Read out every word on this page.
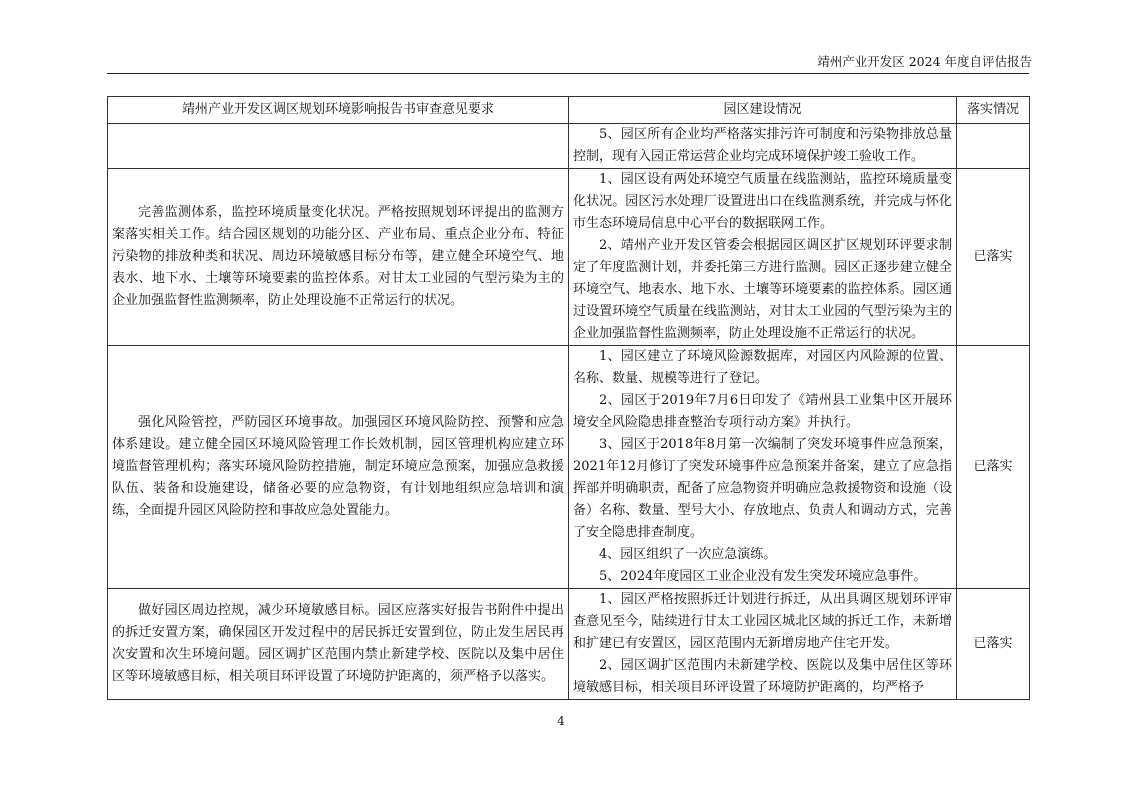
靖州产业开发区 2024 年度自评估报告
靖州产业开发区调区规划环境影响报告书审查意见要求	园区建设情况	落实情况

	5、园区所有企业均严格落实排污许可制度和污染物排放总量控制，现有入园正常运营企业均完成环境保护竣工验收工作。	

完善监测体系，监控环境质量变化状况。严格按照规划环评提出的监测方案落实相关工作。结合园区规划的功能分区、产业布局、重点企业分布、特征污染物的排放种类和状况、周边环境敏感目标分布等，建立健全环境空气、地表水、地下水、土壤等环境要素的监控体系。对甘太工业园的气型污染为主的企业加强监督性监测频率，防止处理设施不正常运行的状况。	1、园区设有两处环境空气质量在线监测站，监控环境质量变化状况。园区污水处理厂设置进出口在线监测系统，并完成与怀化市生态环境局信息中心平台的数据联网工作。

2、靖州产业开发区管委会根据园区调区扩区规划环评要求制定了年度监测计划，并委托第三方进行监测。园区正逐步建立健全环境空气、地表水、地下水、土壤等环境要素的监控体系。园区通过设置环境空气质量在线监测站，对甘太工业园的气型污染为主的企业加强监督性监测频率，防止处理设施不正常运行的状况。	已落实

强化风险管控，严防园区环境事故。加强园区环境风险防控、预警和应急体系建设。建立健全园区环境风险管理工作长效机制，园区管理机构应建立环境监督管理机构；落实环境风险防控措施，制定环境应急预案，加强应急救援队伍、装备和设施建设，储备必要的应急物资，有计划地组织应急培训和演练，全面提升园区风险防控和事故应急处置能力。	1、园区建立了环境风险源数据库，对园区内风险源的位置、名称、数量、规模等进行了登记。

2、园区于2019年7月6日印发了《靖州县工业集中区开展环境安全风险隐患排查整治专项行动方案》并执行。

3、园区于2018年8月第一次编制了突发环境事件应急预案，2021年12月修订了突发环境事件应急预案并备案，建立了应急指挥部并明确职责，配备了应急物资并明确应急救援物资和设施（设备）名称、数量、型号大小、存放地点、负责人和调动方式，完善了安全隐患排查制度。

4、园区组织了一次应急演练。

5、2024年度园区工业企业没有发生突发环境应急事件。	已落实

做好园区周边控规，减少环境敏感目标。园区应落实好报告书附件中提出的拆迁安置方案，确保园区开发过程中的居民拆迁安置到位，防止发生居民再次安置和次生环境问题。园区调扩区范围内禁止新建学校、医院以及集中居住区等环境敏感目标，相关项目环评设置了环境防护距离的，须严格予以落实。	1、园区严格按照拆迁计划进行拆迁，从出具调区规划环评审查意见至今，陆续进行甘太工业园区城北区域的拆迁工作，未新增和扩建已有安置区，园区范围内无新增房地产住宅开发。

2、园区调扩区范围内未新建学校、医院以及集中居住区等环境敏感目标，相关项目环评设置了环境防护距离的，均严格予	已落实
4
